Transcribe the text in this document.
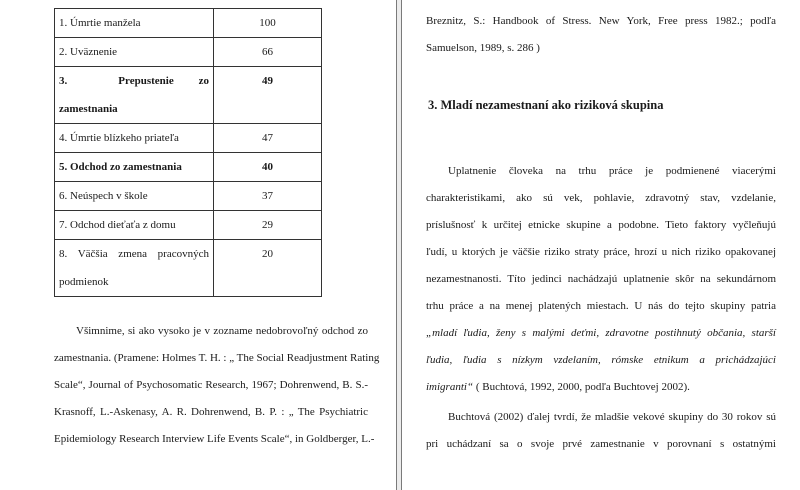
1. Úmrtie manžela	100
2. Uväznenie	66

3. Prepustenie zo
zamestnania	49
4. Úmrtie blízkeho priateľa	47
5. Odchod zo zamestnania	40
6. Neúspech v škole	37
7. Odchod dieťaťa z domu	29

8. Väčšia zmena pracovných
podmienok	20
Všimnime, si ako vysoko je v zozname nedobrovoľný odchod zo
zamestnania. (Pramene: Holmes T. H. : „ The Social Readjustment Rating
Scale“, Journal of Psychosomatic Research, 1967; Dohrenwend, B. S.-
Krasnoff, L.-Askenasy, A. R. Dohrenwend, B. P. : „ The Psychiatric
Epidemiology Research Interview Life Events Scale“, in Goldberger, L.-
Breznitz, S.: Handbook of Stress. New York, Free press 1982.; podľa
Samuelson, 1989, s. 286 )
3. Mladí nezamestnaní ako riziková skupina
Uplatnenie človeka na trhu práce je podmienené viacerými
charakteristikami, ako sú vek, pohlavie, zdravotný stav, vzdelanie,
príslušnosť k určitej etnicke skupine a podobne. Tieto faktory vyčleňujú
ľudí, u ktorých je väčšie riziko straty práce, hrozí u nich riziko opakovanej
nezamestnanosti. Títo jedinci nachádzajú uplatnenie skôr na sekundárnom
trhu práce a na menej platených miestach. U nás do tejto skupiny patria
„mladí ľudia, ženy s malými deťmi, zdravotne postihnutý občania, starší
ľudia, ľudia s nízkym vzdelaním, rómske etnikum a prichádzajúci
imigranti“ ( Buchtová, 1992, 2000, podľa Buchtovej 2002).
Buchtová (2002) ďalej tvrdí, že mladšie vekové skupiny do 30 rokov sú
pri uchádzaní sa o svoje prvé zamestnanie v porovnaní s ostatnými
